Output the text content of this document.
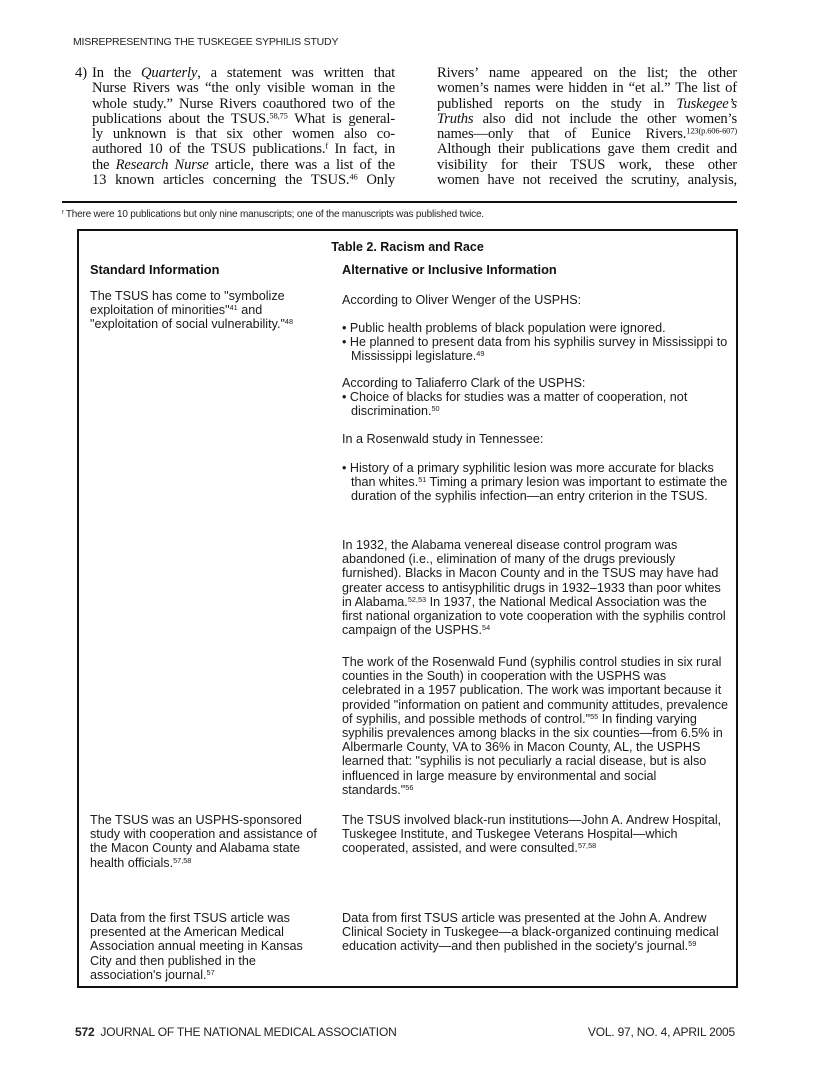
MISREPRESENTING THE TUSKEGEE SYPHILIS STUDY
4) In the Quarterly, a statement was written that
Nurse Rivers was “the only visible woman in the
whole study.” Nurse Rivers coauthored two of the
publications about the TSUS.$^{58,75}$ What is general-
ly unknown is that six other women also co-
authored 10 of the TSUS publications.$^f$ In fact, in
the Research Nurse article, there was a list of the
13 known articles concerning the TSUS.$^{46}$ Only
Rivers’ name appeared on the list; the other
women’s names were hidden in “et al.” The list of
published reports on the study in Tuskegee’s
Truths also did not include the other women’s
names—only that of Eunice Rivers.$^{123(p.606-607)}$
Although their publications gave them credit and
visibility for their TSUS work, these other
women have not received the scrutiny, analysis,
$^f$ There were 10 publications but only nine manuscripts; one of the manuscripts was published twice.
Table 2. Racism and Race
Standard Information	Alternative or Inclusive Information
The TSUS has come to "symbolize exploitation of minorities"$^{41}$ and "exploitation of social vulnerability."$^{48}$
According to Oliver Wenger of the USPHS:
• Public health problems of black population were ignored.
• He planned to present data from his syphilis survey in Mississippi to Mississippi legislature.$^{49}$
According to Taliaferro Clark of the USPHS:
• Choice of blacks for studies was a matter of cooperation, not discrimination.$^{50}$
In a Rosenwald study in Tennessee:
• History of a primary syphilitic lesion was more accurate for blacks than whites.$^{51}$ Timing a primary lesion was important to estimate the duration of the syphilis infection—an entry criterion in the TSUS.
In 1932, the Alabama venereal disease control program was abandoned (i.e., elimination of many of the drugs previously furnished). Blacks in Macon County and in the TSUS may have had greater access to antisyphilitic drugs in 1932–1933 than poor whites in Alabama.$^{52,53}$ In 1937, the National Medical Association was the first national organization to vote cooperation with the syphilis control campaign of the USPHS.$^{54}$
The work of the Rosenwald Fund (syphilis control studies in six rural counties in the South) in cooperation with the USPHS was celebrated in a 1957 publication. The work was important because it provided "information on patient and community attitudes, prevalence of syphilis, and possible methods of control."$^{55}$ In finding varying syphilis prevalences among blacks in the six counties—from 6.5% in Albermarle County, VA to 36% in Macon County, AL, the USPHS learned that: "syphilis is not peculiarly a racial disease, but is also influenced in large measure by environmental and social standards."$^{56}$
The TSUS was an USPHS-sponsored study with cooperation and assistance of the Macon County and Alabama state health officials.$^{57,58}$
The TSUS involved black-run institutions—John A. Andrew Hospital, Tuskegee Institute, and Tuskegee Veterans Hospital—which cooperated, assisted, and were consulted.$^{57,58}$
Data from the first TSUS article was presented at the American Medical Association annual meeting in Kansas City and then published in the association's journal.$^{57}$
Data from first TSUS article was presented at the John A. Andrew Clinical Society in Tuskegee—a black-organized continuing medical education activity—and then published in the society's journal.$^{59}$
572 JOURNAL OF THE NATIONAL MEDICAL ASSOCIATION	VOL. 97, NO. 4, APRIL 2005
